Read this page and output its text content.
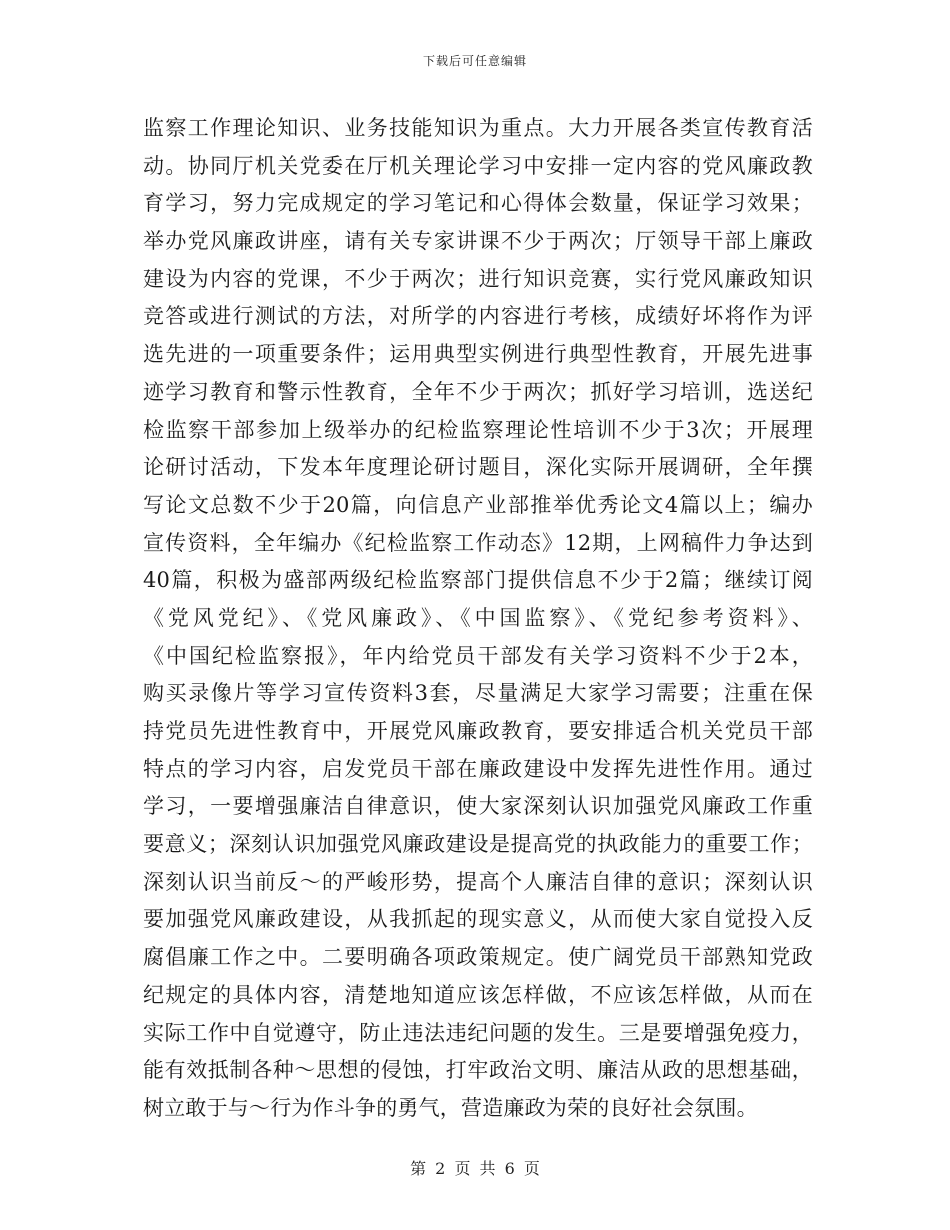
下载后可任意编辑
监察工作理论知识、业务技能知识为重点。大力开展各类宣传教育活
动。协同厅机关党委在厅机关理论学习中安排一定内容的党风廉政教
育学习，努力完成规定的学习笔记和心得体会数量，保证学习效果；
举办党风廉政讲座，请有关专家讲课不少于两次；厅领导干部上廉政
建设为内容的党课，不少于两次；进行知识竞赛，实行党风廉政知识
竞答或进行测试的方法，对所学的内容进行考核，成绩好坏将作为评
选先进的一项重要条件；运用典型实例进行典型性教育，开展先进事
迹学习教育和警示性教育，全年不少于两次；抓好学习培训，选送纪
检监察干部参加上级举办的纪检监察理论性培训不少于3次；开展理
论研讨活动，下发本年度理论研讨题目，深化实际开展调研，全年撰
写论文总数不少于20篇，向信息产业部推举优秀论文4篇以上；编办
宣传资料，全年编办《纪检监察工作动态》12期，上网稿件力争达到
40篇，积极为盛部两级纪检监察部门提供信息不少于2篇；继续订阅
《党风党纪》、《党风廉政》、《中国监察》、《党纪参考资料》、
《中国纪检监察报》，年内给党员干部发有关学习资料不少于2本，
购买录像片等学习宣传资料3套，尽量满足大家学习需要；注重在保
持党员先进性教育中，开展党风廉政教育，要安排适合机关党员干部
特点的学习内容，启发党员干部在廉政建设中发挥先进性作用。通过
学习，一要增强廉洁自律意识，使大家深刻认识加强党风廉政工作重
要意义；深刻认识加强党风廉政建设是提高党的执政能力的重要工作；
深刻认识当前反～的严峻形势，提高个人廉洁自律的意识；深刻认识
要加强党风廉政建设，从我抓起的现实意义，从而使大家自觉投入反
腐倡廉工作之中。二要明确各项政策规定。使广阔党员干部熟知党政
纪规定的具体内容，清楚地知道应该怎样做，不应该怎样做，从而在
实际工作中自觉遵守，防止违法违纪问题的发生。三是要增强免疫力，
能有效抵制各种～思想的侵蚀，打牢政治文明、廉洁从政的思想基础，
树立敢于与～行为作斗争的勇气，营造廉政为荣的良好社会氛围。
第 2 页 共 6 页
